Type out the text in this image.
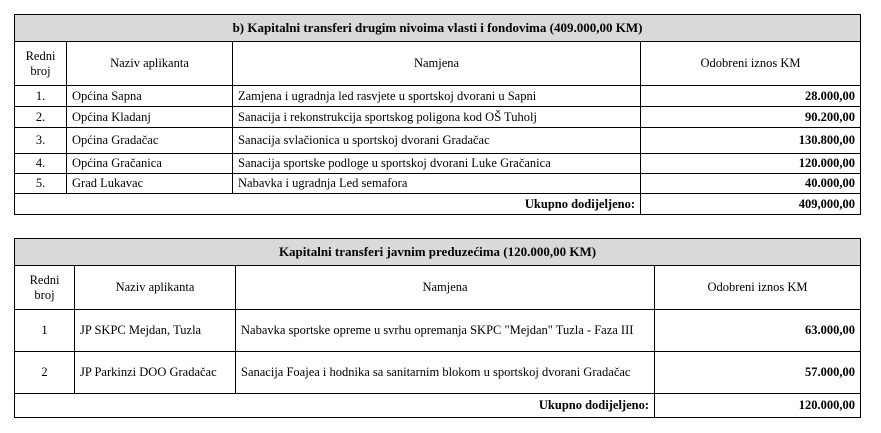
b) Kapitalni transferi drugim nivoima vlasti i fondovima (409.000,00 KM)			
Redni broj	Naziv aplikanta	Namjena	Odobreni iznos KM
1.	Općina Sapna	Zamjena i ugradnja led rasvjete u sportskoj dvorani u Sapni	28.000,00
2.	Općina Kladanj	Sanacija i rekonstrukcija sportskog poligona kod OŠ Tuholj	90.200,00
3.	Općina Gradačac	Sanacija svlačionica u sportskoj dvorani Gradačac	130.800,00
4.	Općina Gračanica	Sanacija sportske podloge u sportskoj dvorani Luke Gračanica	120.000,00
5.	Grad Lukavac	Nabavka i ugradnja Led semafora	40.000,00
Ukupno dodijeljeno:			409,000,00
Kapitalni transferi javnim preduzećima (120.000,00 KM)			
Redni broj	Naziv aplikanta	Namjena	Odobreni iznos KM
1	JP SKPC Mejdan, Tuzla	Nabavka sportske opreme u svrhu opremanja SKPC "Mejdan" Tuzla - Faza III	63.000,00
2	JP Parkinzi DOO Gradačac	Sanacija Foajea i hodnika sa sanitarnim blokom u sportskoj dvorani Gradačac	57.000,00
Ukupno dodijeljeno:			120.000,00
